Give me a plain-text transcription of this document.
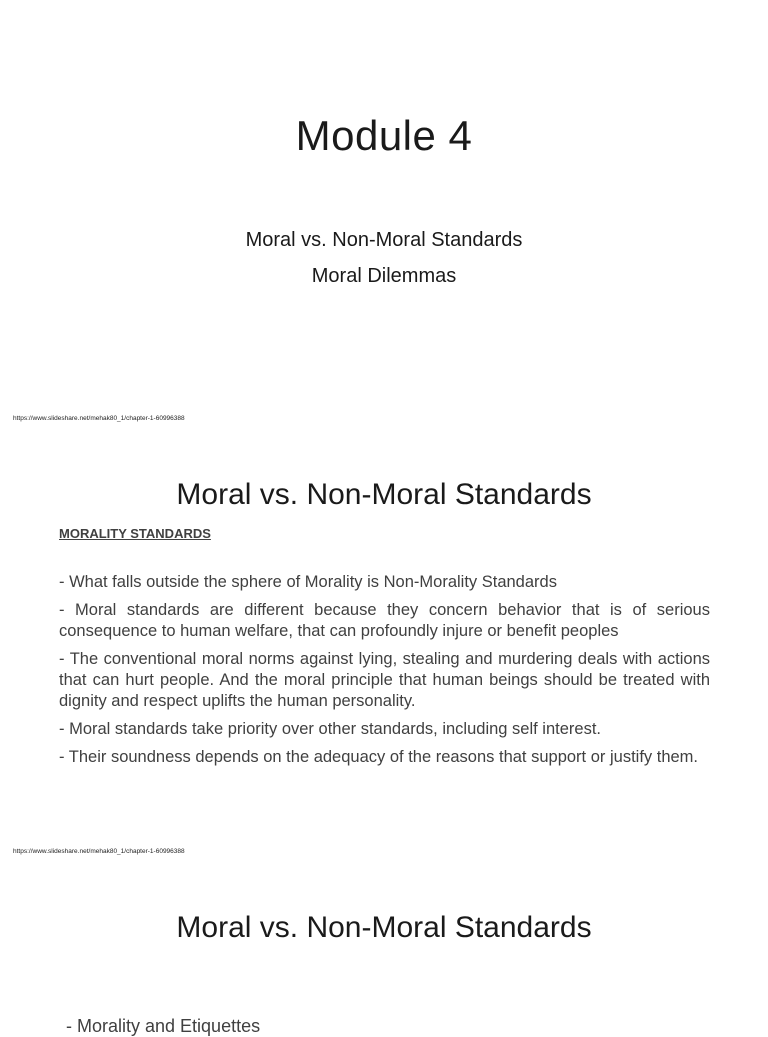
Module 4
Moral vs. Non-Moral Standards
Moral Dilemmas
https://www.slideshare.net/mehak80_1/chapter-1-60996388
Moral vs. Non-Moral Standards
MORALITY STANDARDS
- What falls outside the sphere of Morality is Non-Morality Standards
- Moral standards are different because they concern behavior that is of serious consequence to human welfare, that can profoundly injure or benefit peoples
- The conventional moral norms against lying, stealing and murdering deals with actions that can hurt people. And the moral principle that human beings should be treated with dignity and respect uplifts the human personality.
- Moral standards take priority over other standards, including self interest.
- Their soundness depends on the adequacy of the reasons that support or justify them.
https://www.slideshare.net/mehak80_1/chapter-1-60996388
Moral vs. Non-Moral Standards
- Morality and Etiquettes
